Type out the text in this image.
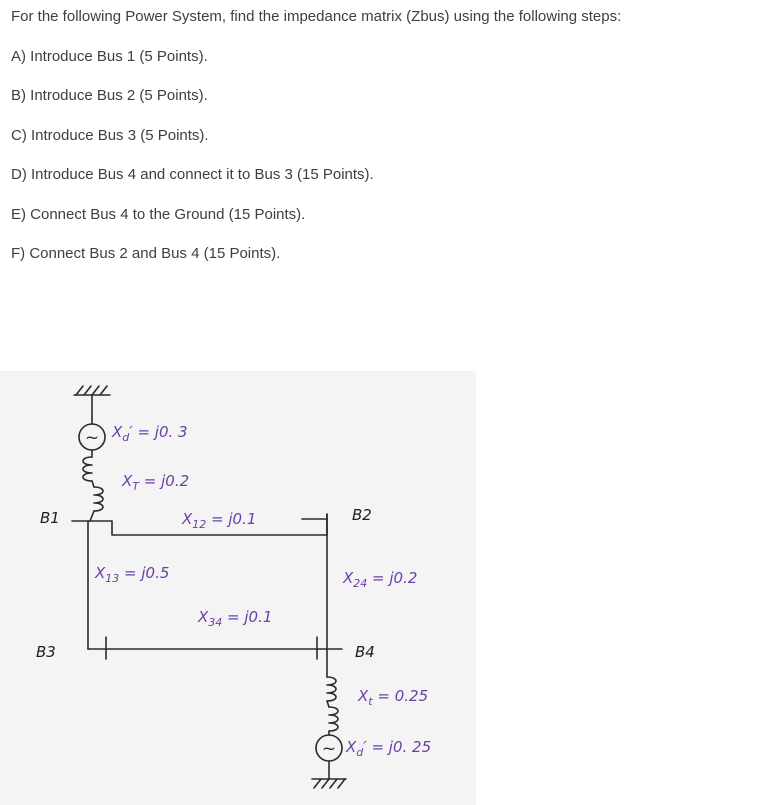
For the following Power System, find the impedance matrix (Zbus) using the following steps:

A) Introduce Bus 1 (5 Points).

B) Introduce Bus 2 (5 Points).

C) Introduce Bus 3 (5 Points).

D) Introduce Bus 4 and connect it to Bus 3 (15 Points).

E) Connect Bus 4 to the Ground (15 Points).

F) Connect Bus 2 and Bus 4 (15 Points).

~
~
$X_d' = j0$. 3
$X_T = j0.2$
$X_{12} = j0.1$
$X_{13} = j0.5$	$X_{24} = j0.2$
$X_{34} = j0.1$
$X_t = 0.25$
$X_d' = j0$. 25
B1	B2
B3	B4
